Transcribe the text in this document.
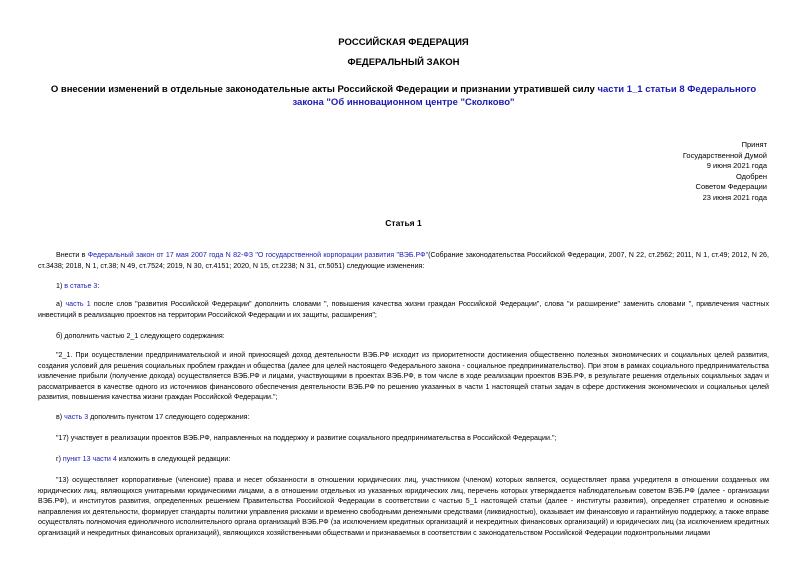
РОССИЙСКАЯ ФЕДЕРАЦИЯ
ФЕДЕРАЛЬНЫЙ ЗАКОН
О внесении изменений в отдельные законодательные акты Российской Федерации и признании утратившей силу части 1_1 статьи 8 Федерального закона "Об инновационном центре "Сколково"
Принят
Государственной Думой
9 июня 2021 года
Одобрен
Советом Федерации
23 июня 2021 года
Статья 1
Внести в Федеральный закон от 17 мая 2007 года N 82-ФЗ "О государственной корпорации развития "ВЭБ.РФ"(Собрание законодательства Российской Федерации, 2007, N 22, ст.2562; 2011, N 1, ст.49; 2012, N 26, ст.3438; 2018, N 1, ст.38; N 49, ст.7524; 2019, N 30, ст.4151; 2020, N 15, ст.2238; N 31, ст.5051) следующие изменения:
1) в статье 3:
а) часть 1 после слов "развития Российской Федерации" дополнить словами ", повышения качества жизни граждан Российской Федерации", слова "и расширение" заменить словами ", привлечения частных инвестиций в реализацию проектов на территории Российской Федерации и их защиты, расширения";
б) дополнить частью 2_1 следующего содержания:
"2_1. При осуществлении предпринимательской и иной приносящей доход деятельности ВЭБ.РФ исходит из приоритетности достижения общественно полезных экономических и социальных целей развития, создания условий для решения социальных проблем граждан и общества (далее для целей настоящего Федерального закона - социальное предпринимательство). При этом в рамках социального предпринимательства извлечение прибыли (получение дохода) осуществляется ВЭБ.РФ и лицами, участвующими в проектах ВЭБ.РФ, в том числе в ходе реализации проектов ВЭБ.РФ, в результате решения отдельных социальных задач и рассматривается в качестве одного из источников финансового обеспечения деятельности ВЭБ.РФ по решению указанных в части 1 настоящей статьи задач в сфере достижения экономических и социальных целей развития, повышения качества жизни граждан Российской Федерации.";
в) часть 3 дополнить пунктом 17 следующего содержания:
"17) участвует в реализации проектов ВЭБ.РФ, направленных на поддержку и развитие социального предпринимательства в Российской Федерации.";
г) пункт 13 части 4 изложить в следующей редакции:
"13) осуществляет корпоративные (членские) права и несет обязанности в отношении юридических лиц, участником (членом) которых является, осуществляет права учредителя в отношении созданных им юридических лиц, являющихся унитарными юридическими лицами, а в отношении отдельных из указанных юридических лиц, перечень которых утверждается наблюдательным советом ВЭБ.РФ (далее - организации ВЭБ.РФ), и институтов развития, определенных решением Правительства Российской Федерации в соответствии с частью 5_1 настоящей статьи (далее - институты развития), определяет стратегию и основные направления их деятельности, формирует стандарты политики управления рисками и временно свободными денежными средствами (ликвидностью), оказывает им финансовую и гарантийную поддержку, а также вправе осуществлять полномочия единоличного исполнительного органа организаций ВЭБ.РФ (за исключением кредитных организаций и некредитных финансовых организаций) и юридических лиц (за исключением кредитных организаций и некредитных финансовых организаций), являющихся хозяйственными обществами и признаваемых в соответствии с законодательством Российской Федерации подконтрольными лицами
